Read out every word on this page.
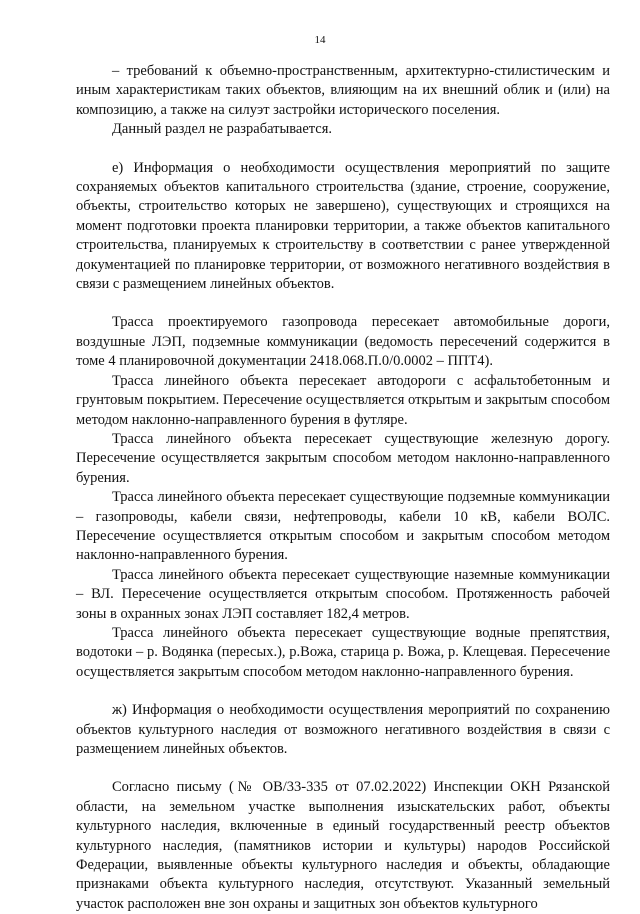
14

– требований к объемно-пространственным, архитектурно-стилистическим и иным характеристикам таких объектов, влияющим на их внешний облик и (или) на композицию, а также на силуэт застройки исторического поселения.

Данный раздел не разрабатывается.

е) Информация о необходимости осуществления мероприятий по защите сохраняемых объектов капитального строительства (здание, строение, сооружение, объекты, строительство которых не завершено), существующих и строящихся на момент подготовки проекта планировки территории, а также объектов капитального строительства, планируемых к строительству в соответствии с ранее утвержденной документацией по планировке территории, от возможного негативного воздействия в связи с размещением линейных объектов.

Трасса проектируемого газопровода пересекает автомобильные дороги, воздушные ЛЭП, подземные коммуникации (ведомость пересечений содержится в томе 4 планировочной документации 2418.068.П.0/0.0002 – ППТ4).

Трасса линейного объекта пересекает автодороги с асфальтобетонным и грунтовым покрытием. Пересечение осуществляется открытым и закрытым способом методом наклонно-направленного бурения в футляре.

Трасса линейного объекта пересекает существующие железную дорогу. Пересечение осуществляется закрытым способом методом наклонно-направленного бурения.

Трасса линейного объекта пересекает существующие подземные коммуникации – газопроводы, кабели связи, нефтепроводы, кабели 10 кВ, кабели ВОЛС. Пересечение осуществляется открытым способом и закрытым способом методом наклонно-направленного бурения.

Трасса линейного объекта пересекает существующие наземные коммуникации – ВЛ. Пересечение осуществляется открытым способом. Протяженность рабочей зоны в охранных зонах ЛЭП составляет 182,4 метров.

Трасса линейного объекта пересекает существующие водные препятствия, водотоки – р. Водянка (пересых.), р.Вожа, старица р. Вожа, р. Клещевая. Пересечение осуществляется закрытым способом методом наклонно-направленного бурения.

ж) Информация о необходимости осуществления мероприятий по сохранению объектов культурного наследия от возможного негативного воздействия в связи с размещением линейных объектов.

Согласно письму (№ ОВ/33-335 от 07.02.2022) Инспекции ОКН Рязанской области, на земельном участке выполнения изыскательских работ, объекты культурного наследия, включенные в единый государственный реестр объектов культурного наследия, (памятников истории и культуры) народов Российской Федерации, выявленные объекты культурного наследия и объекты, обладающие признаками объекта культурного наследия, отсутствуют. Указанный земельный участок расположен вне зон охраны и защитных зон объектов культурного
